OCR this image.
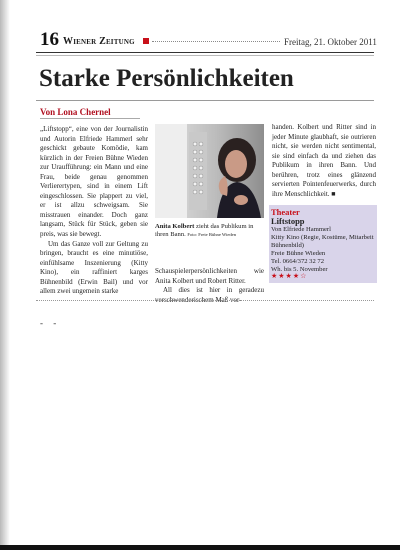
16 Wiener Zeitung	Freitag, 21. Oktober 2011
Starke Persönlichkeiten
Von Lona Chernel

„Liftstopp“, eine von der Journalistin und Autorin Elfriede Hammerl sehr geschickt gebaute Komödie, kam kürzlich in der Freien Bühne Wieden zur Uraufführung: ein Mann und eine Frau, beide genau genommen Verlierertypen, sind in einem Lift eingeschlossen. Sie plappert zu viel, er ist allzu schweigsam. Sie misstrauen einander. Doch ganz langsam, Stück für Stück, geben sie preis, was sie bewegt.

Um das Ganze voll zur Geltung zu bringen, braucht es eine minutiöse, einfühlsame Inszenierung (Kitty Kino), ein raffiniert karges Bühnenbild (Erwin Bail) und vor allem zwei ungemein starke

Anita Kolbert zieht das Publikum in ihren Bann. Foto: Freie Bühne Wieden

Schauspielerpersönlichkeiten wie Anita Kolbert und Robert Ritter.

All dies ist hier in geradezu verschwenderischem Maß vor-

handen. Kolbert und Ritter sind in jeder Minute glaubhaft, sie outrieren nicht, sie werden nicht sentimental, sie sind einfach da und ziehen das Publikum in ihren Bann. Und berühren, trotz eines glänzend servierten Pointenfeuerwerks, durch ihre Menschlichkeit. ■

Theater
Liftstopp
Von Elfriede Hammerl
Kitty Kino (Regie, Kostüme, Mitarbeit Bühnenbild)
Freie Bühne Wieden
Tel. 0664/372 32 72
Wh. bis 5. November
★★★★☆
- -
